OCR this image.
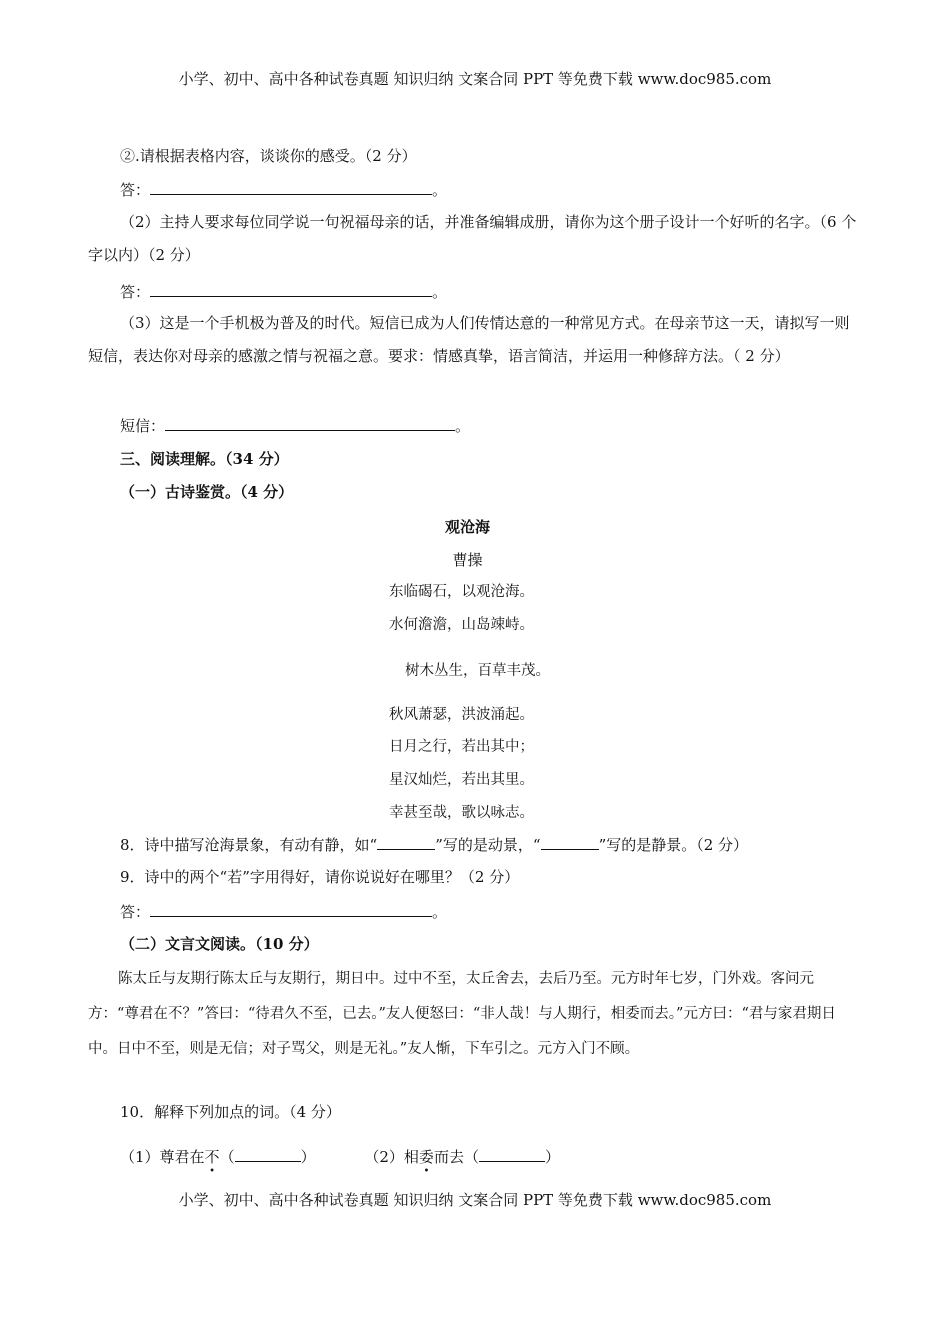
小学、初中、高中各种试卷真题 知识归纳 文案合同 PPT 等免费下载 www.doc985.com
②.请根据表格内容，谈谈你的感受。（2 分）
答：	。
（2）主持人要求每位同学说一句祝福母亲的话，并准备编辑成册，请你为这个册子设计一个好听的名字。（6 个字以内）（2 分）
答：	。
（3）这是一个手机极为普及的时代。短信已成为人们传情达意的一种常见方式。在母亲节这一天，请拟写一则短信，表达你对母亲的感激之情与祝福之意。要求：情感真挚，语言简洁，并运用一种修辞方法。（ 2 分）
短信：	。
三、阅读理解。（34 分）
（一）古诗鉴赏。（4 分）
观沧海
曹操
东临碣石，以观沧海。
水何澹澹，山岛竦峙。
树木丛生，百草丰茂。
秋风萧瑟，洪波涌起。
日月之行，若出其中；
星汉灿烂，若出其里。
幸甚至哉，歌以咏志。
8．诗中描写沧海景象，有动有静，如“	”写的是动景，“	”写的是静景。（2 分）
9．诗中的两个“若”字用得好，请你说说好在哪里？（2 分）
答：	。
（二）文言文阅读。（10 分）
陈太丘与友期行陈太丘与友期行，期日中。过中不至，太丘舍去，去后乃至。元方时年七岁，门外戏。客问元方：“尊君在不？”答曰：“待君久不至，已去。”友人便怒曰：“非人哉！与人期行，相委而去。”元方曰：“君与家君期日中。日中不至，则是无信；对子骂父，则是无礼。”友人惭，下车引之。元方入门不顾。
10．解释下列加点的词。（4 分）
（1）尊君在不（	）	（2）相委而去（	）
小学、初中、高中各种试卷真题 知识归纳 文案合同 PPT 等免费下载 www.doc985.com
